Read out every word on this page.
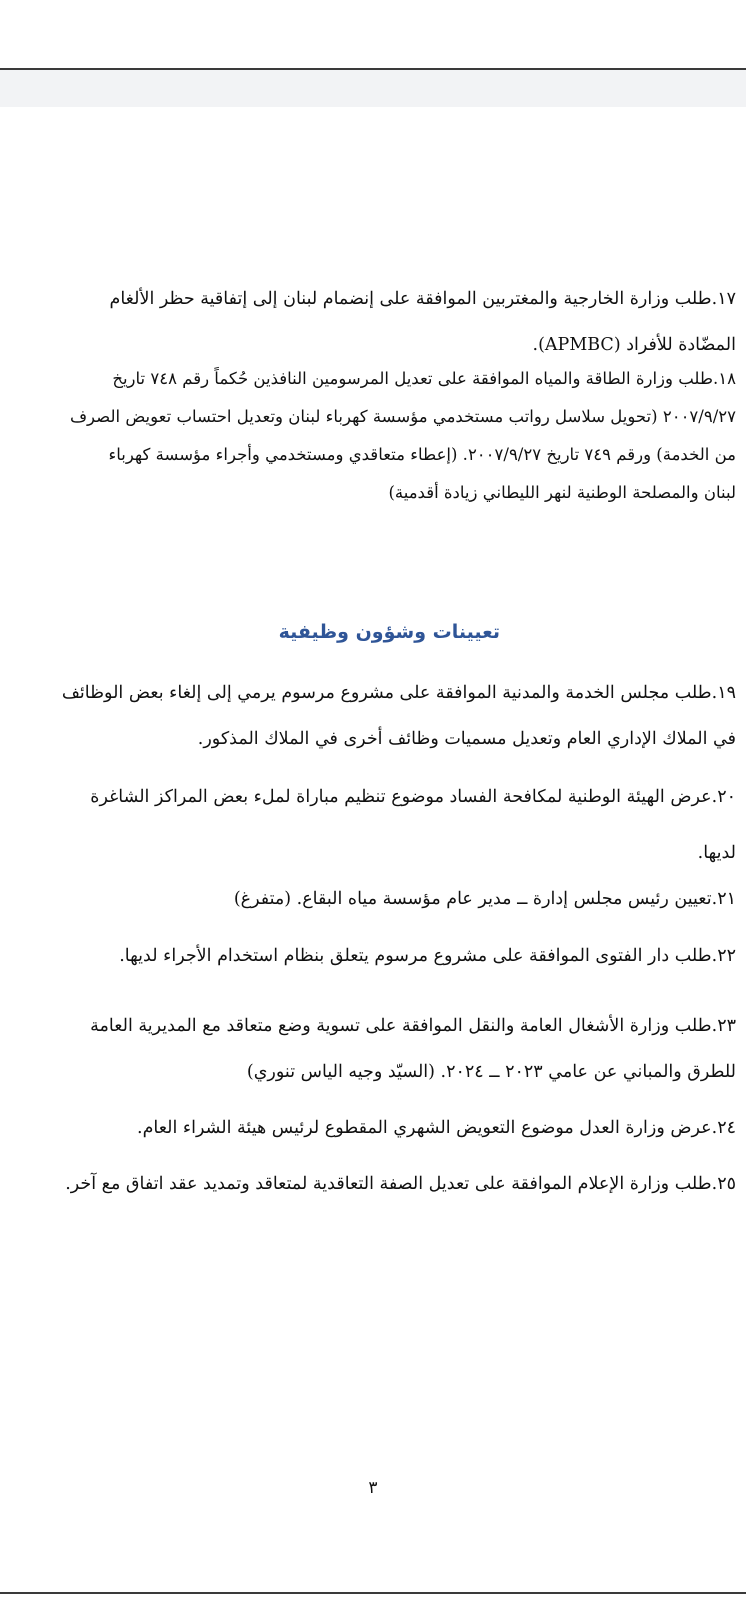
١٧.طلب وزارة الخارجية والمغتربين الموافقة على إنضمام لبنان إلى إتفاقية حظر الألغام
المضّادة للأفراد (APMBC).
١٨.طلب وزارة الطاقة والمياه الموافقة على تعديل المرسومين النافذين حُكماً رقم ٧٤٨ تاريخ
٢٠٠٧/٩/٢٧ (تحويل سلاسل رواتب مستخدمي مؤسسة كهرباء لبنان وتعديل احتساب تعويض الصرف
من الخدمة) ورقم ٧٤٩ تاريخ ٢٠٠٧/٩/٢٧. (إعطاء متعاقدي ومستخدمي وأجراء مؤسسة كهرباء
لبنان والمصلحة الوطنية لنهر الليطاني زيادة أقدمية)
تعيينات وشؤون وظيفية
١٩.طلب مجلس الخدمة والمدنية الموافقة على مشروع مرسوم يرمي إلى إلغاء بعض الوظائف
في الملاك الإداري العام وتعديل مسميات وظائف أخرى في الملاك المذكور.
٢٠.عرض الهيئة الوطنية لمكافحة الفساد موضوع تنظيم مباراة لملء بعض المراكز الشاغرة
لديها.
٢١.تعيين رئيس مجلس إدارة ــ مدير عام مؤسسة مياه البقاع. (متفرغ)
٢٢.طلب دار الفتوى الموافقة على مشروع مرسوم يتعلق بنظام استخدام الأجراء لديها.
٢٣.طلب وزارة الأشغال العامة والنقل الموافقة على تسوية وضع متعاقد مع المديرية العامة
للطرق والمباني عن عامي ٢٠٢٣ ــ ٢٠٢٤. (السيّد وجيه الياس تنوري)
٢٤.عرض وزارة العدل موضوع التعويض الشهري المقطوع لرئيس هيئة الشراء العام.
٢٥.طلب وزارة الإعلام الموافقة على تعديل الصفة التعاقدية لمتعاقد وتمديد عقد اتفاق مع آخر.
٣
